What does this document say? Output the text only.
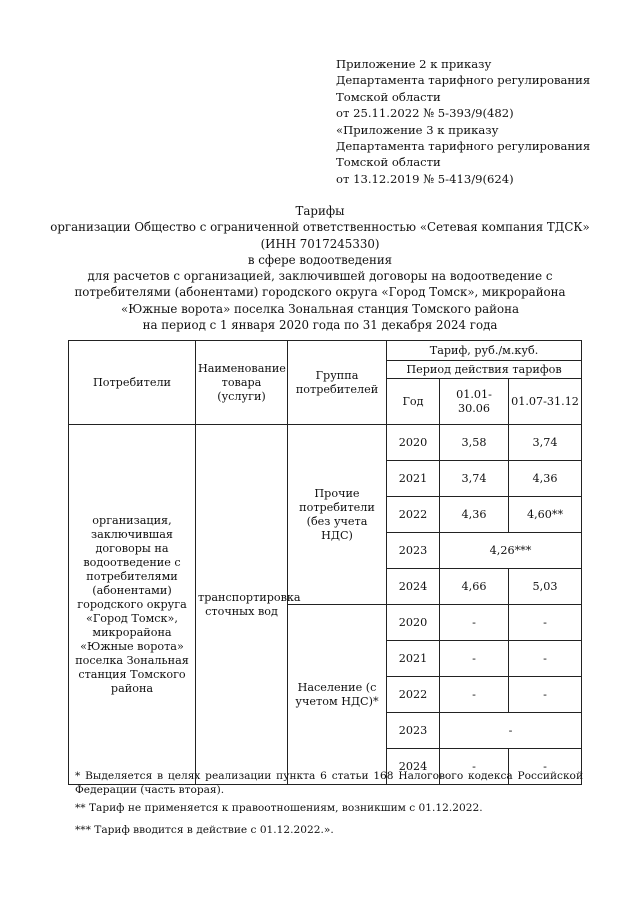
Приложение 2 к приказу
Департамента тарифного регулирования
Томской области
от 25.11.2022 № 5-393/9(482)
«Приложение 3 к приказу
Департамента тарифного регулирования
Томской области
от 13.12.2019 № 5-413/9(624)
Тарифы
организации Общество с ограниченной ответственностью «Сетевая компания ТДСК»
(ИНН 7017245330)
в сфере водоотведения
для расчетов с организацией, заключившей договоры на водоотведение с
потребителями (абонентами) городского округа «Город Томск», микрорайона
«Южные ворота» поселка Зональная станция Томского района
на период с 1 января 2020 года по 31 декабря 2024 года
Потребители	Наименование товара (услуги)	Группа потребителей	Тариф, руб./м.куб.		
			Период действия тарифов		
			Год	01.01-30.06	01.07-31.12
организация, заключившая договоры на водоотведение с потребителями (абонентами) городского округа «Город Томск», микрорайона «Южные ворота» поселка Зональная станция Томского района	транспортировка сточных вод	Прочие потребители (без учета НДС)	2020	3,58	3,74
			2021	3,74	4,36
			2022	4,36	4,60**
			2023	4,26***	
			2024	4,66	5,03
		Население (с учетом НДС)*	2020	-	-
			2021	-	-
			2022	-	-
			2023	-	
			2024	-	-
* Выделяется в целях реализации пункта 6 статьи 168 Налогового кодекса Российской Федерации (часть вторая).
** Тариф не применяется к правоотношениям, возникшим с 01.12.2022.
*** Тариф вводится в действие с 01.12.2022.».
